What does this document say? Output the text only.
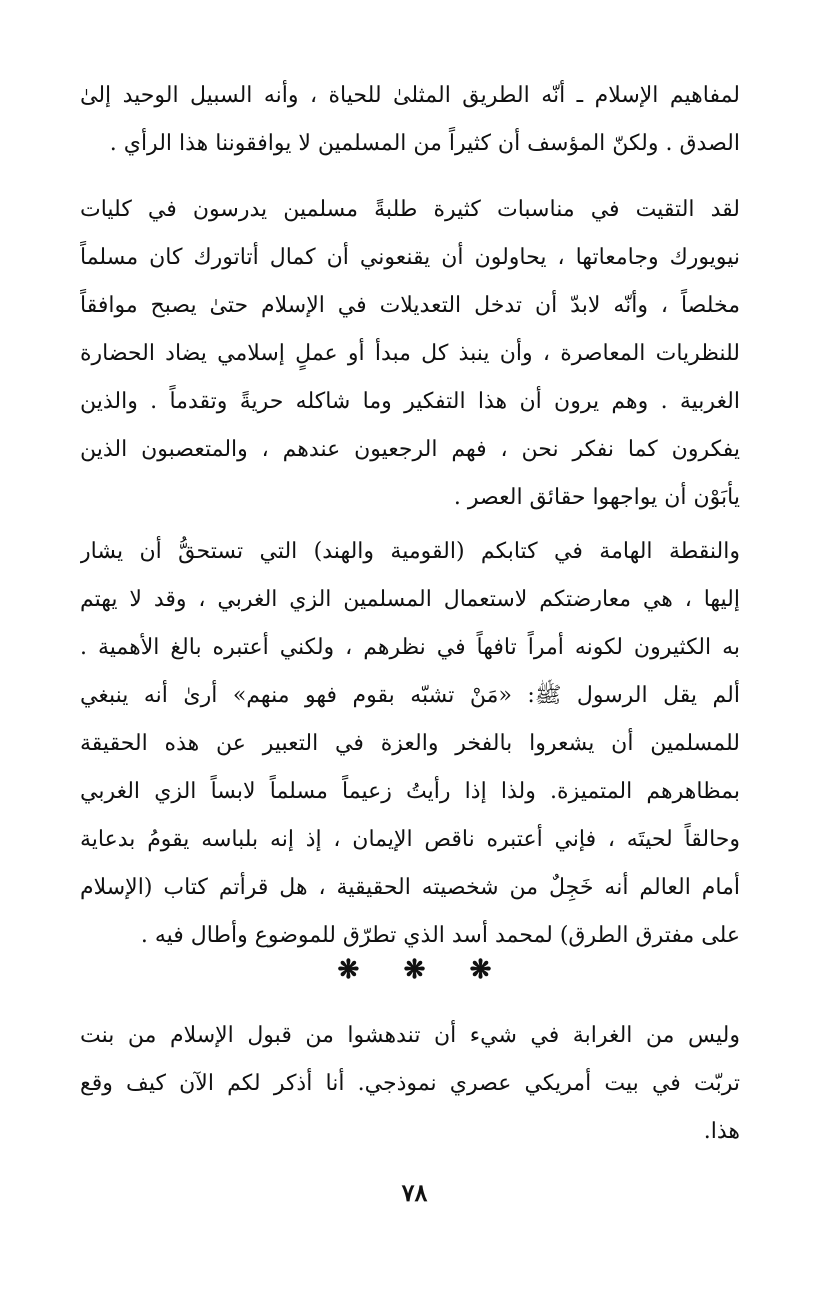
لمفاهيم الإسلام ـ أنّه الطريق المثلىٰ للحياة ، وأنه السبيل الوحيد إلىٰ
الصدق . ولكنّ المؤسف أن كثيراً من المسلمين لا يوافقوننا هذا الرأي .
لقد التقيت في مناسبات كثيرة طلبةً مسلمين يدرسون في كليات
نيويورك وجامعاتها ، يحاولون أن يقنعوني أن كمال أتاتورك كان مسلماً
مخلصاً ، وأنّه لابدّ أن تدخل التعديلات في الإسلام حتىٰ يصبح موافقاً
للنظريات المعاصرة ، وأن ينبذ كل مبدأ أو عملٍ إسلامي يضاد الحضارة
الغربية . وهم يرون أن هذا التفكير وما شاكله حريةً وتقدماً . والذين
يفكرون كما نفكر نحن ، فهم الرجعيون عندهم ، والمتعصبون الذين
يأبَوْن أن يواجهوا حقائق العصر .
والنقطة الهامة في كتابكم (القومية والهند) التي تستحقُّ أن يشار
إليها ، هي معارضتكم لاستعمال المسلمين الزي الغربي ، وقد لا يهتم
به الكثيرون لكونه أمراً تافهاً في نظرهم ، ولكني أعتبره بالغ الأهمية .
ألم يقل الرسول ﷺ: «مَنْ تشبّه بقوم فهو منهم» أرىٰ أنه ينبغي
للمسلمين أن يشعروا بالفخر والعزة في التعبير عن هذه الحقيقة
بمظاهرهم المتميزة. ولذا إذا رأيتُ زعيماً مسلماً لابساً الزي الغربي
وحالقاً لحيتَه ، فإني أعتبره ناقص الإيمان ، إذ إنه بلباسه يقومُ بدعاية
أمام العالم أنه خَجِلٌ من شخصيته الحقيقية ، هل قرأتم كتاب (الإسلام
على مفترق الطرق) لمحمد أسد الذي تطرّق للموضوع وأطال فيه .
❋ ❋ ❋
وليس من الغرابة في شيء أن تندهشوا من قبول الإسلام من بنت
تربّت في بيت أمريكي عصري نموذجي. أنا أذكر لكم الآن كيف وقع
هذا.
٧٨
